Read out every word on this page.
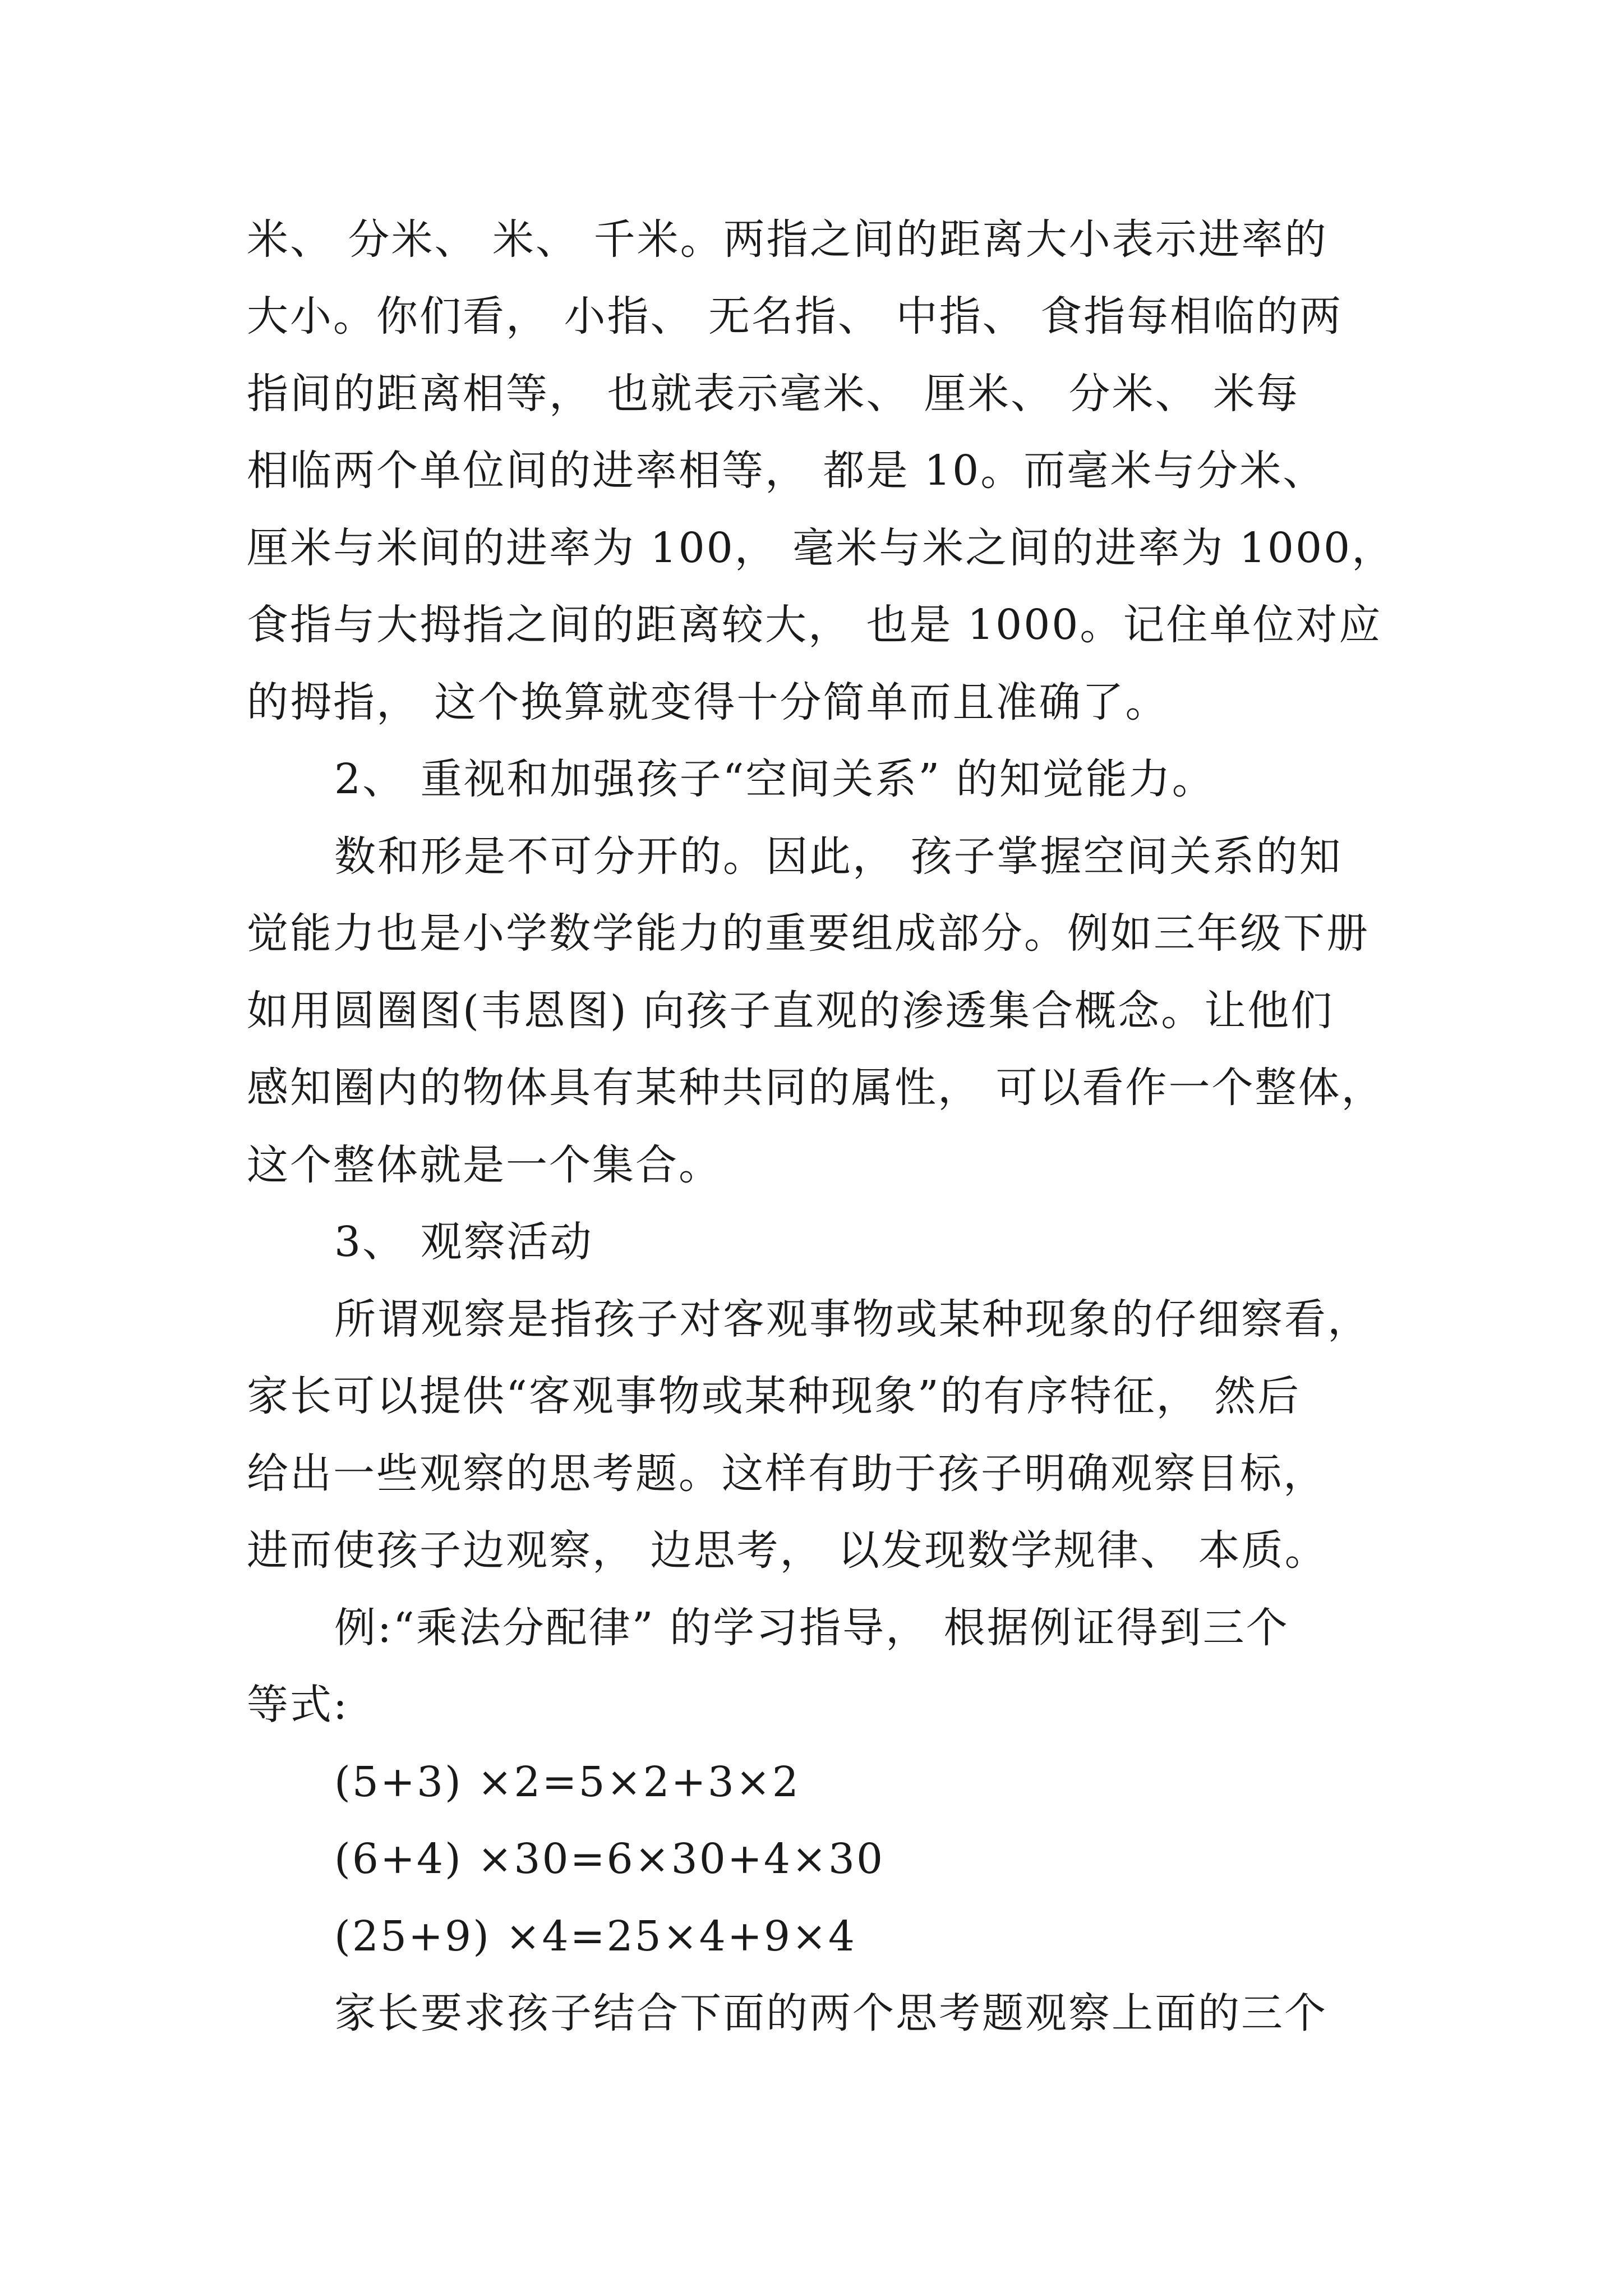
米、 分米、 米、 千米。两指之间的距离大小表示进率的
大小。你们看， 小指、 无名指、 中指、 食指每相临的两
指间的距离相等， 也就表示毫米、 厘米、 分米、 米每
相临两个单位间的进率相等， 都是 10。而毫米与分米、
厘米与米间的进率为 100， 毫米与米之间的进率为 1000，
食指与大拇指之间的距离较大， 也是 1000。记住单位对应
的拇指， 这个换算就变得十分简单而且准确了。
2、 重视和加强孩子“空间关系” 的知觉能力。
数和形是不可分开的。因此， 孩子掌握空间关系的知
觉能力也是小学数学能力的重要组成部分。例如三年级下册
如用圆圈图(韦恩图) 向孩子直观的渗透集合概念。让他们
感知圈内的物体具有某种共同的属性， 可以看作一个整体，
这个整体就是一个集合。
3、 观察活动
所谓观察是指孩子对客观事物或某种现象的仔细察看，
家长可以提供“客观事物或某种现象”的有序特征， 然后
给出一些观察的思考题。这样有助于孩子明确观察目标，
进而使孩子边观察， 边思考， 以发现数学规律、 本质。
例:“乘法分配律” 的学习指导， 根据例证得到三个
等式:
(5+3) ×2=5×2+3×2
(6+4) ×30=6×30+4×30
(25+9) ×4=25×4+9×4
家长要求孩子结合下面的两个思考题观察上面的三个
